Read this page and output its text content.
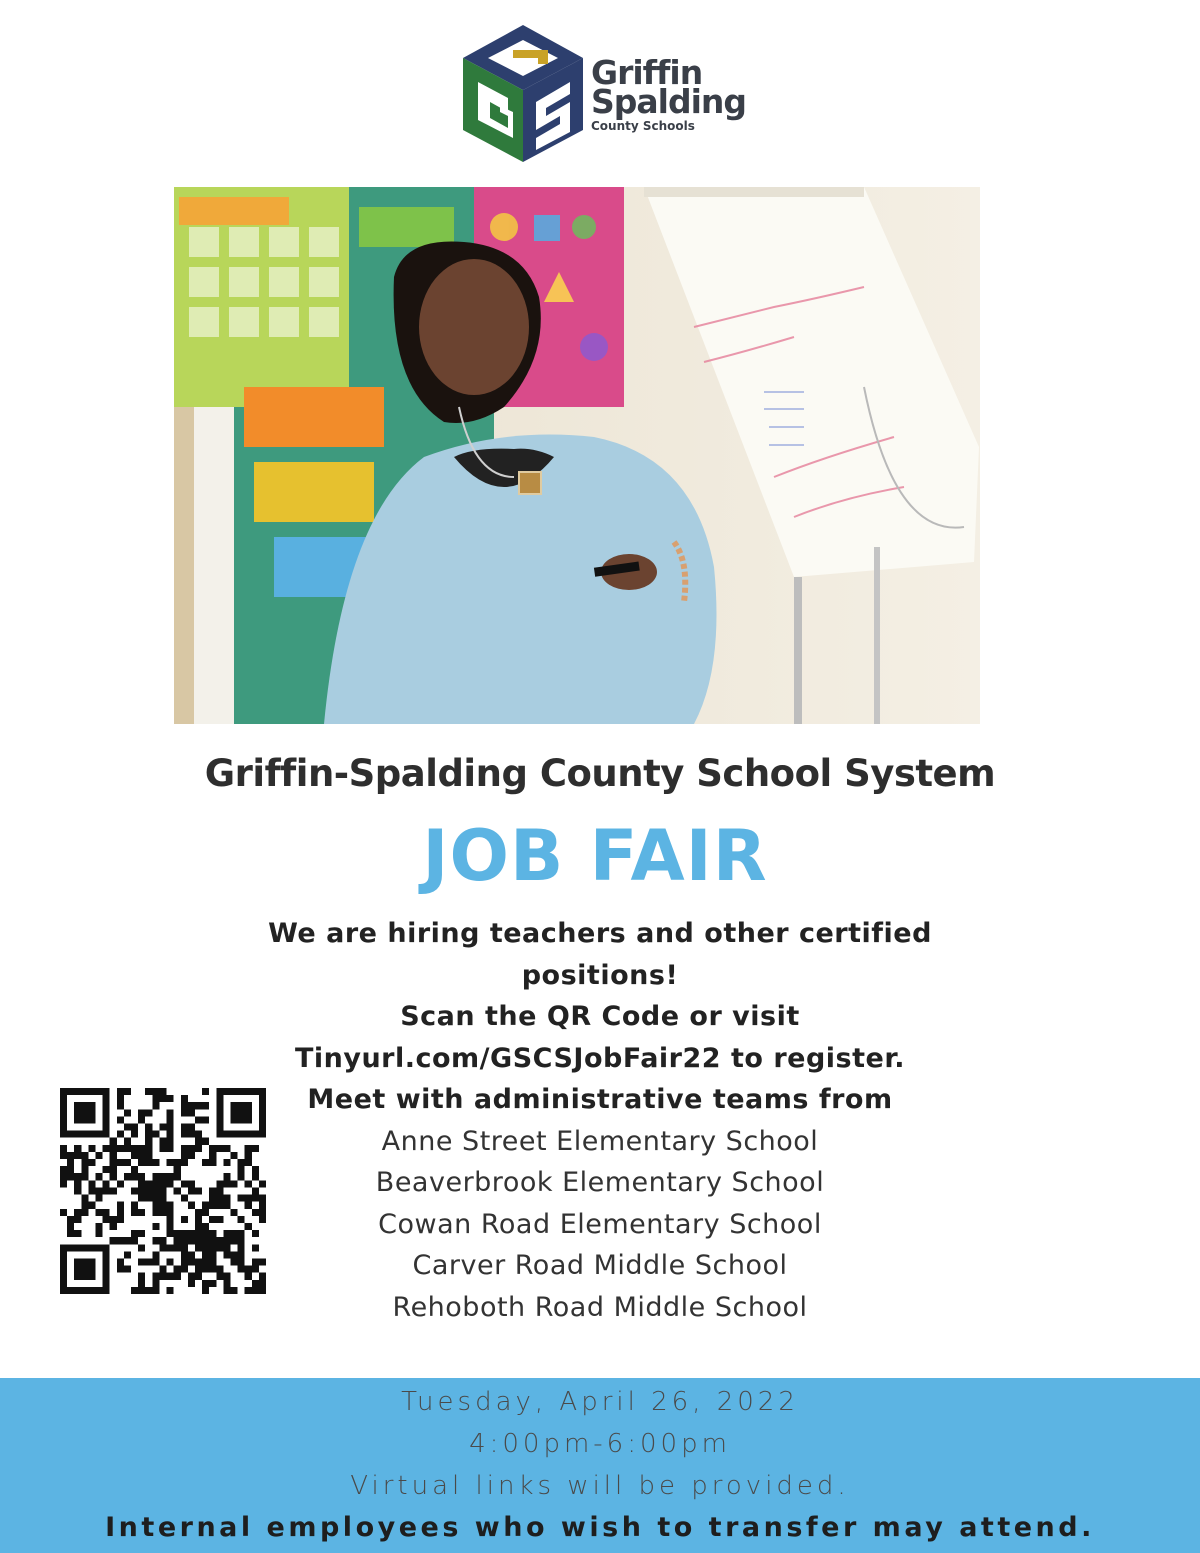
Griffin
Spalding
County Schools
Griffin-Spalding County School System
JOB FAIR
We are hiring teachers and other certified
positions!
Scan the QR Code or visit
Tinyurl.com/GSCSJobFair22 to register.
Meet with administrative teams from
Anne Street Elementary School
Beaverbrook Elementary School
Cowan Road Elementary School
Carver Road Middle School
Rehoboth Road Middle School
Tuesday, April 26, 2022
4:00pm-6:00pm
Virtual links will be provided.
Internal employees who wish to transfer may attend.
